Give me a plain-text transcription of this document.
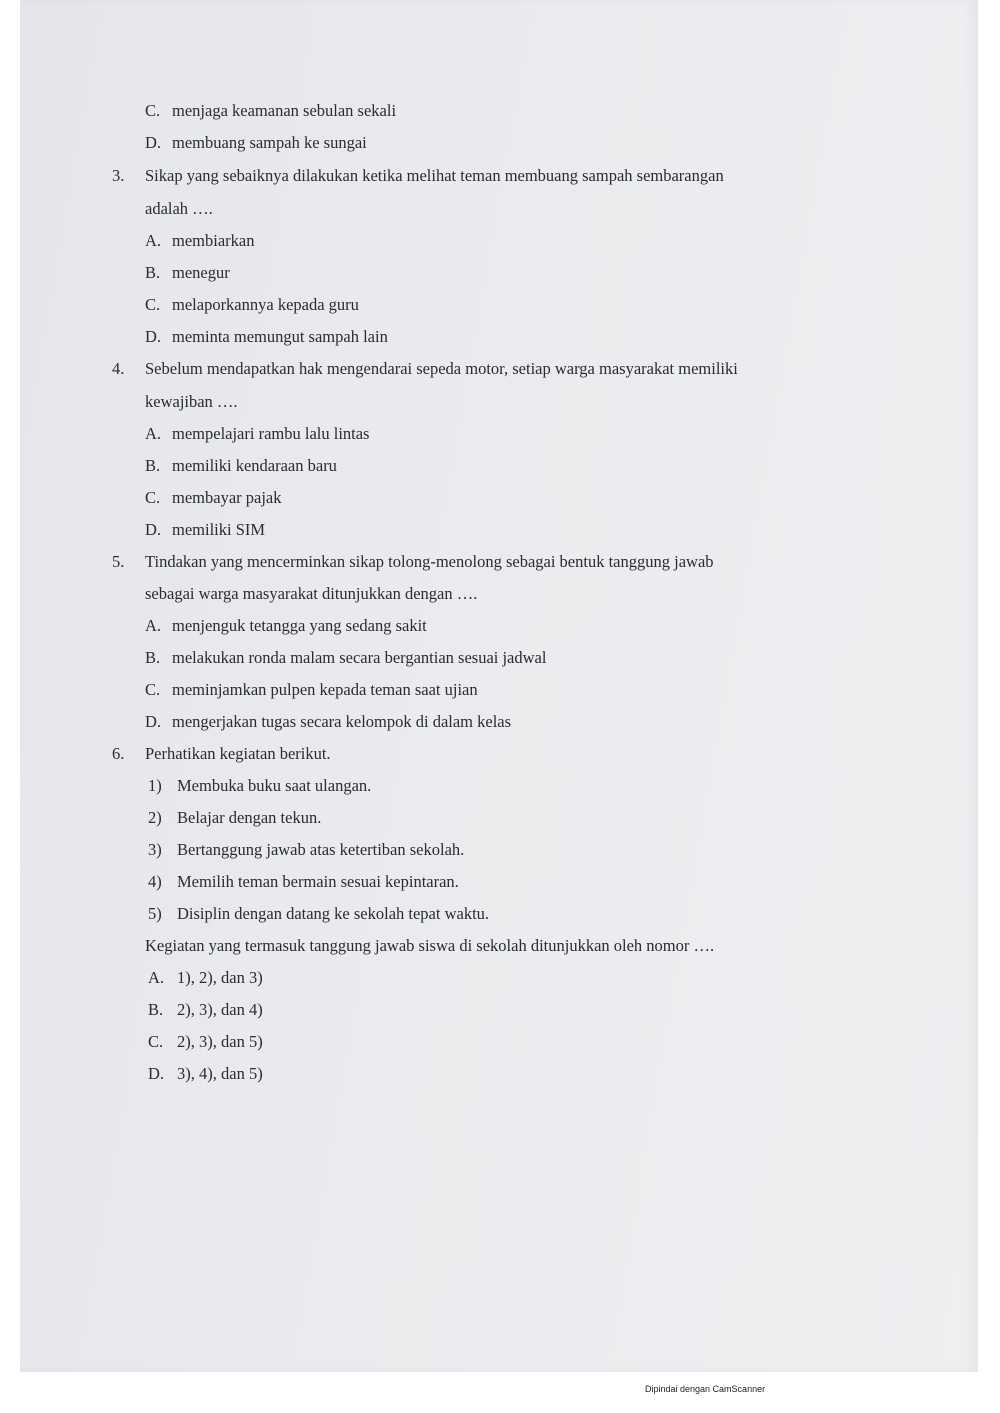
C. menjaga keamanan sebulan sekali
D. membuang sampah ke sungai
3. Sikap yang sebaiknya dilakukan ketika melihat teman membuang sampah sembarangan
adalah ….
A. membiarkan
B. menegur
C. melaporkannya kepada guru
D. meminta memungut sampah lain
4. Sebelum mendapatkan hak mengendarai sepeda motor, setiap warga masyarakat memiliki
kewajiban ….
A. mempelajari rambu lalu lintas
B. memiliki kendaraan baru
C. membayar pajak
D. memiliki SIM
5. Tindakan yang mencerminkan sikap tolong-menolong sebagai bentuk tanggung jawab
sebagai warga masyarakat ditunjukkan dengan ….
A. menjenguk tetangga yang sedang sakit
B. melakukan ronda malam secara bergantian sesuai jadwal
C. meminjamkan pulpen kepada teman saat ujian
D. mengerjakan tugas secara kelompok di dalam kelas
6. Perhatikan kegiatan berikut.
1) Membuka buku saat ulangan.
2) Belajar dengan tekun.
3) Bertanggung jawab atas ketertiban sekolah.
4) Memilih teman bermain sesuai kepintaran.
5) Disiplin dengan datang ke sekolah tepat waktu.
Kegiatan yang termasuk tanggung jawab siswa di sekolah ditunjukkan oleh nomor ….
A. 1), 2), dan 3)
B. 2), 3), dan 4)
C. 2), 3), dan 5)
D. 3), 4), dan 5)
Dipindai dengan CamScanner
